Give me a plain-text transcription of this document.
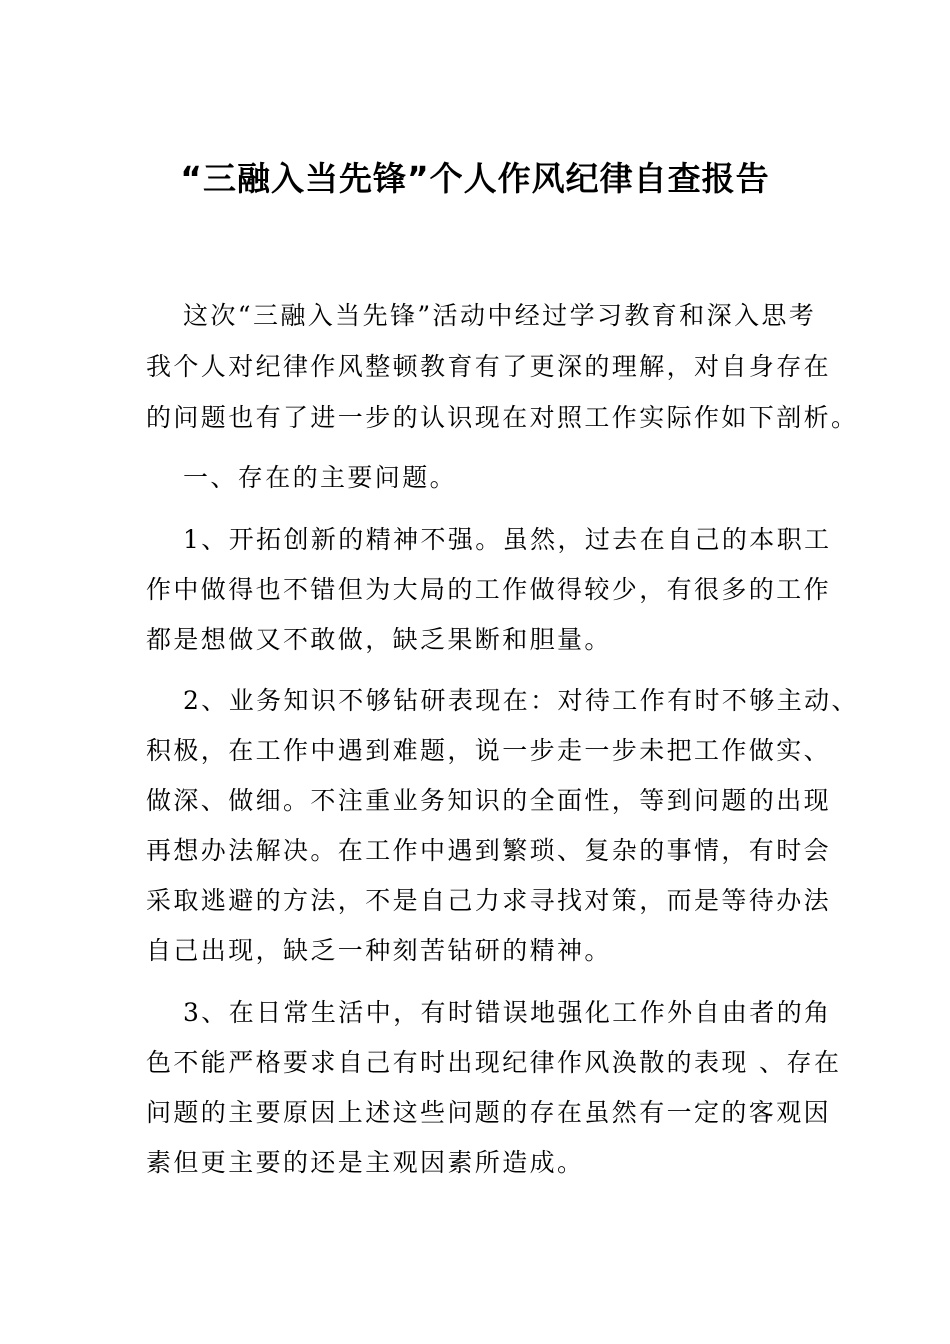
“三融入当先锋”个人作风纪律自查报告
这次“三融入当先锋”活动中经过学习教育和深入思考
我个人对纪律作风整顿教育有了更深的理解，对自身存在
的问题也有了进一步的认识现在对照工作实际作如下剖析。
一、存在的主要问题。
1、开拓创新的精神不强。虽然，过去在自己的本职工
作中做得也不错但为大局的工作做得较少，有很多的工作
都是想做又不敢做，缺乏果断和胆量。
2、业务知识不够钻研表现在：对待工作有时不够主动、
积极，在工作中遇到难题，说一步走一步未把工作做实、
做深、做细。不注重业务知识的全面性，等到问题的出现
再想办法解决。在工作中遇到繁琐、复杂的事情，有时会
采取逃避的方法，不是自己力求寻找对策，而是等待办法
自己出现，缺乏一种刻苦钻研的精神。
3、在日常生活中，有时错误地强化工作外自由者的角
色不能严格要求自己有时出现纪律作风涣散的表现 、存在
问题的主要原因上述这些问题的存在虽然有一定的客观因
素但更主要的还是主观因素所造成。
